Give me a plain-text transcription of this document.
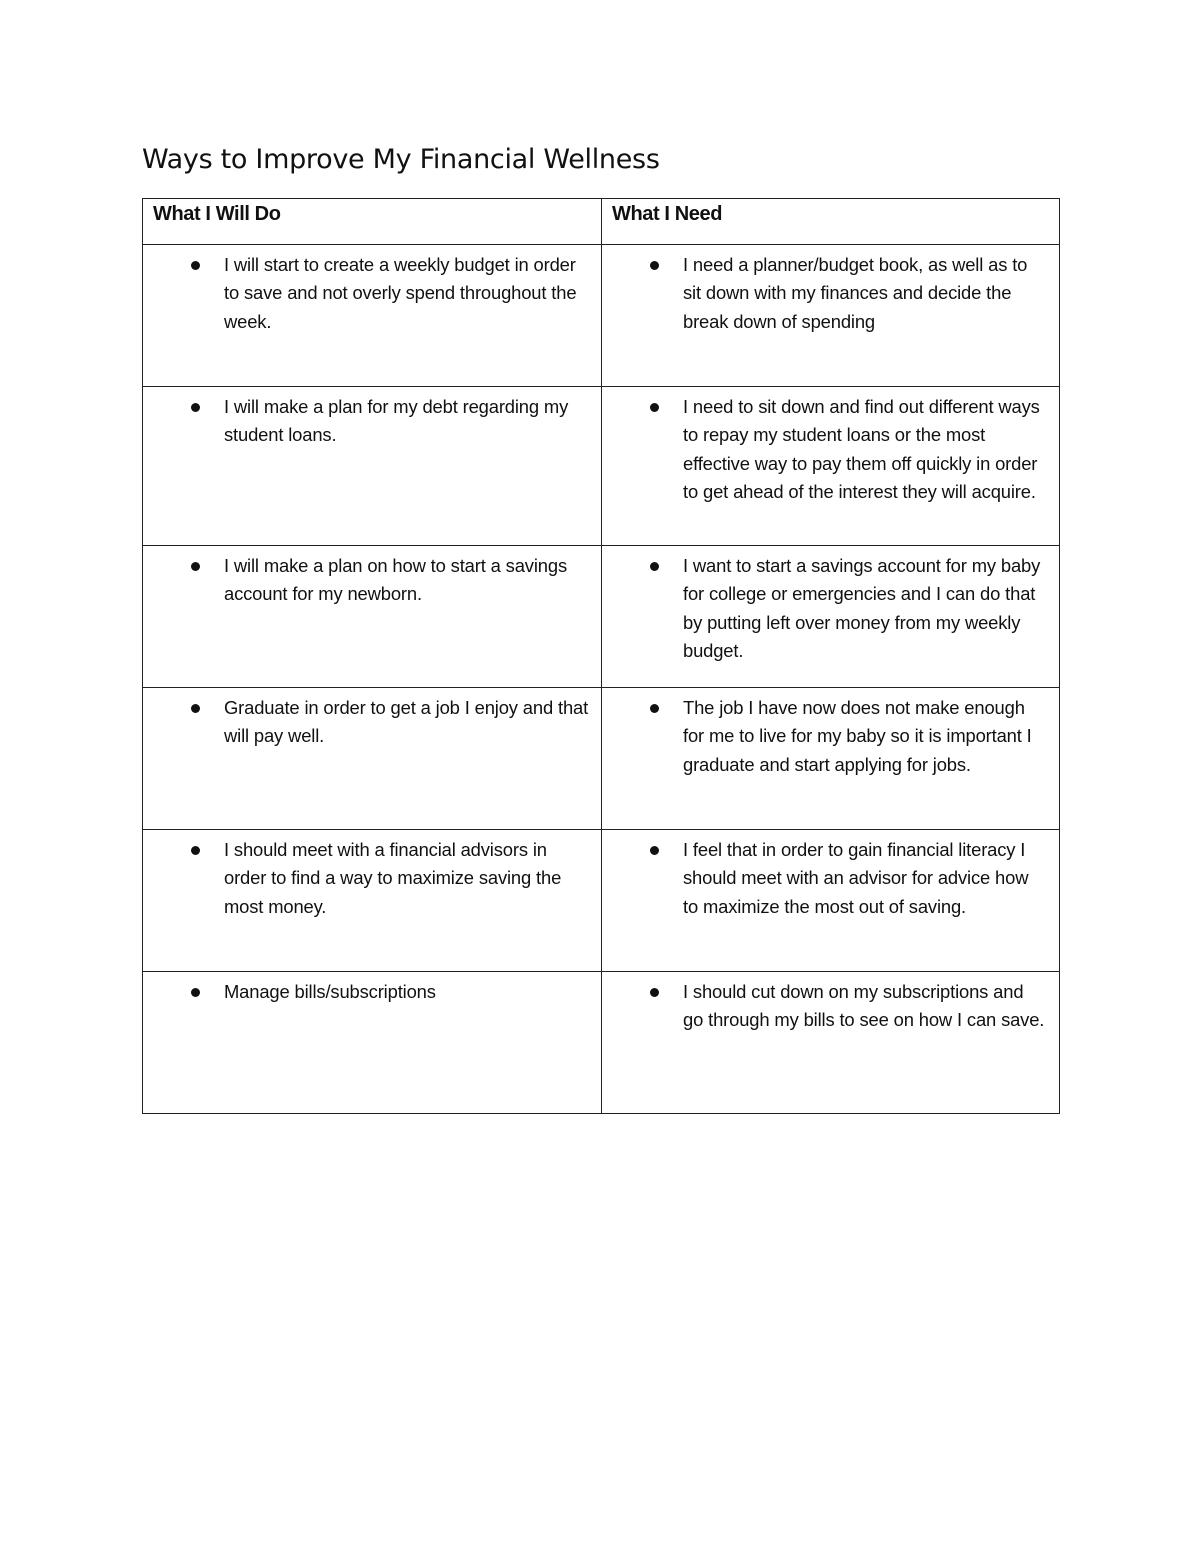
Ways to Improve My Financial Wellness
What I Will Do	What I Need

I will start to create a weekly budget in order to save and not overly spend throughout the week.	I need a planner/budget book, as well as to sit down with my finances and decide the break down of spending

I will make a plan for my debt regarding my student loans.	I need to sit down and find out different ways to repay my student loans or the most effective way to pay them off quickly in order to get ahead of the interest they will acquire.

I will make a plan on how to start a savings account for my newborn.	I want to start a savings account for my baby for college or emergencies and I can do that by putting left over money from my weekly budget.

Graduate in order to get a job I enjoy and that will pay well.	The job I have now does not make enough for me to live for my baby so it is important I graduate and start applying for jobs.

I should meet with a financial advisors in order to find a way to maximize saving the most money.	I feel that in order to gain financial literacy I should meet with an advisor for advice how to maximize the most out of saving.

Manage bills/subscriptions	I should cut down on my subscriptions and go through my bills to see on how I can save.
